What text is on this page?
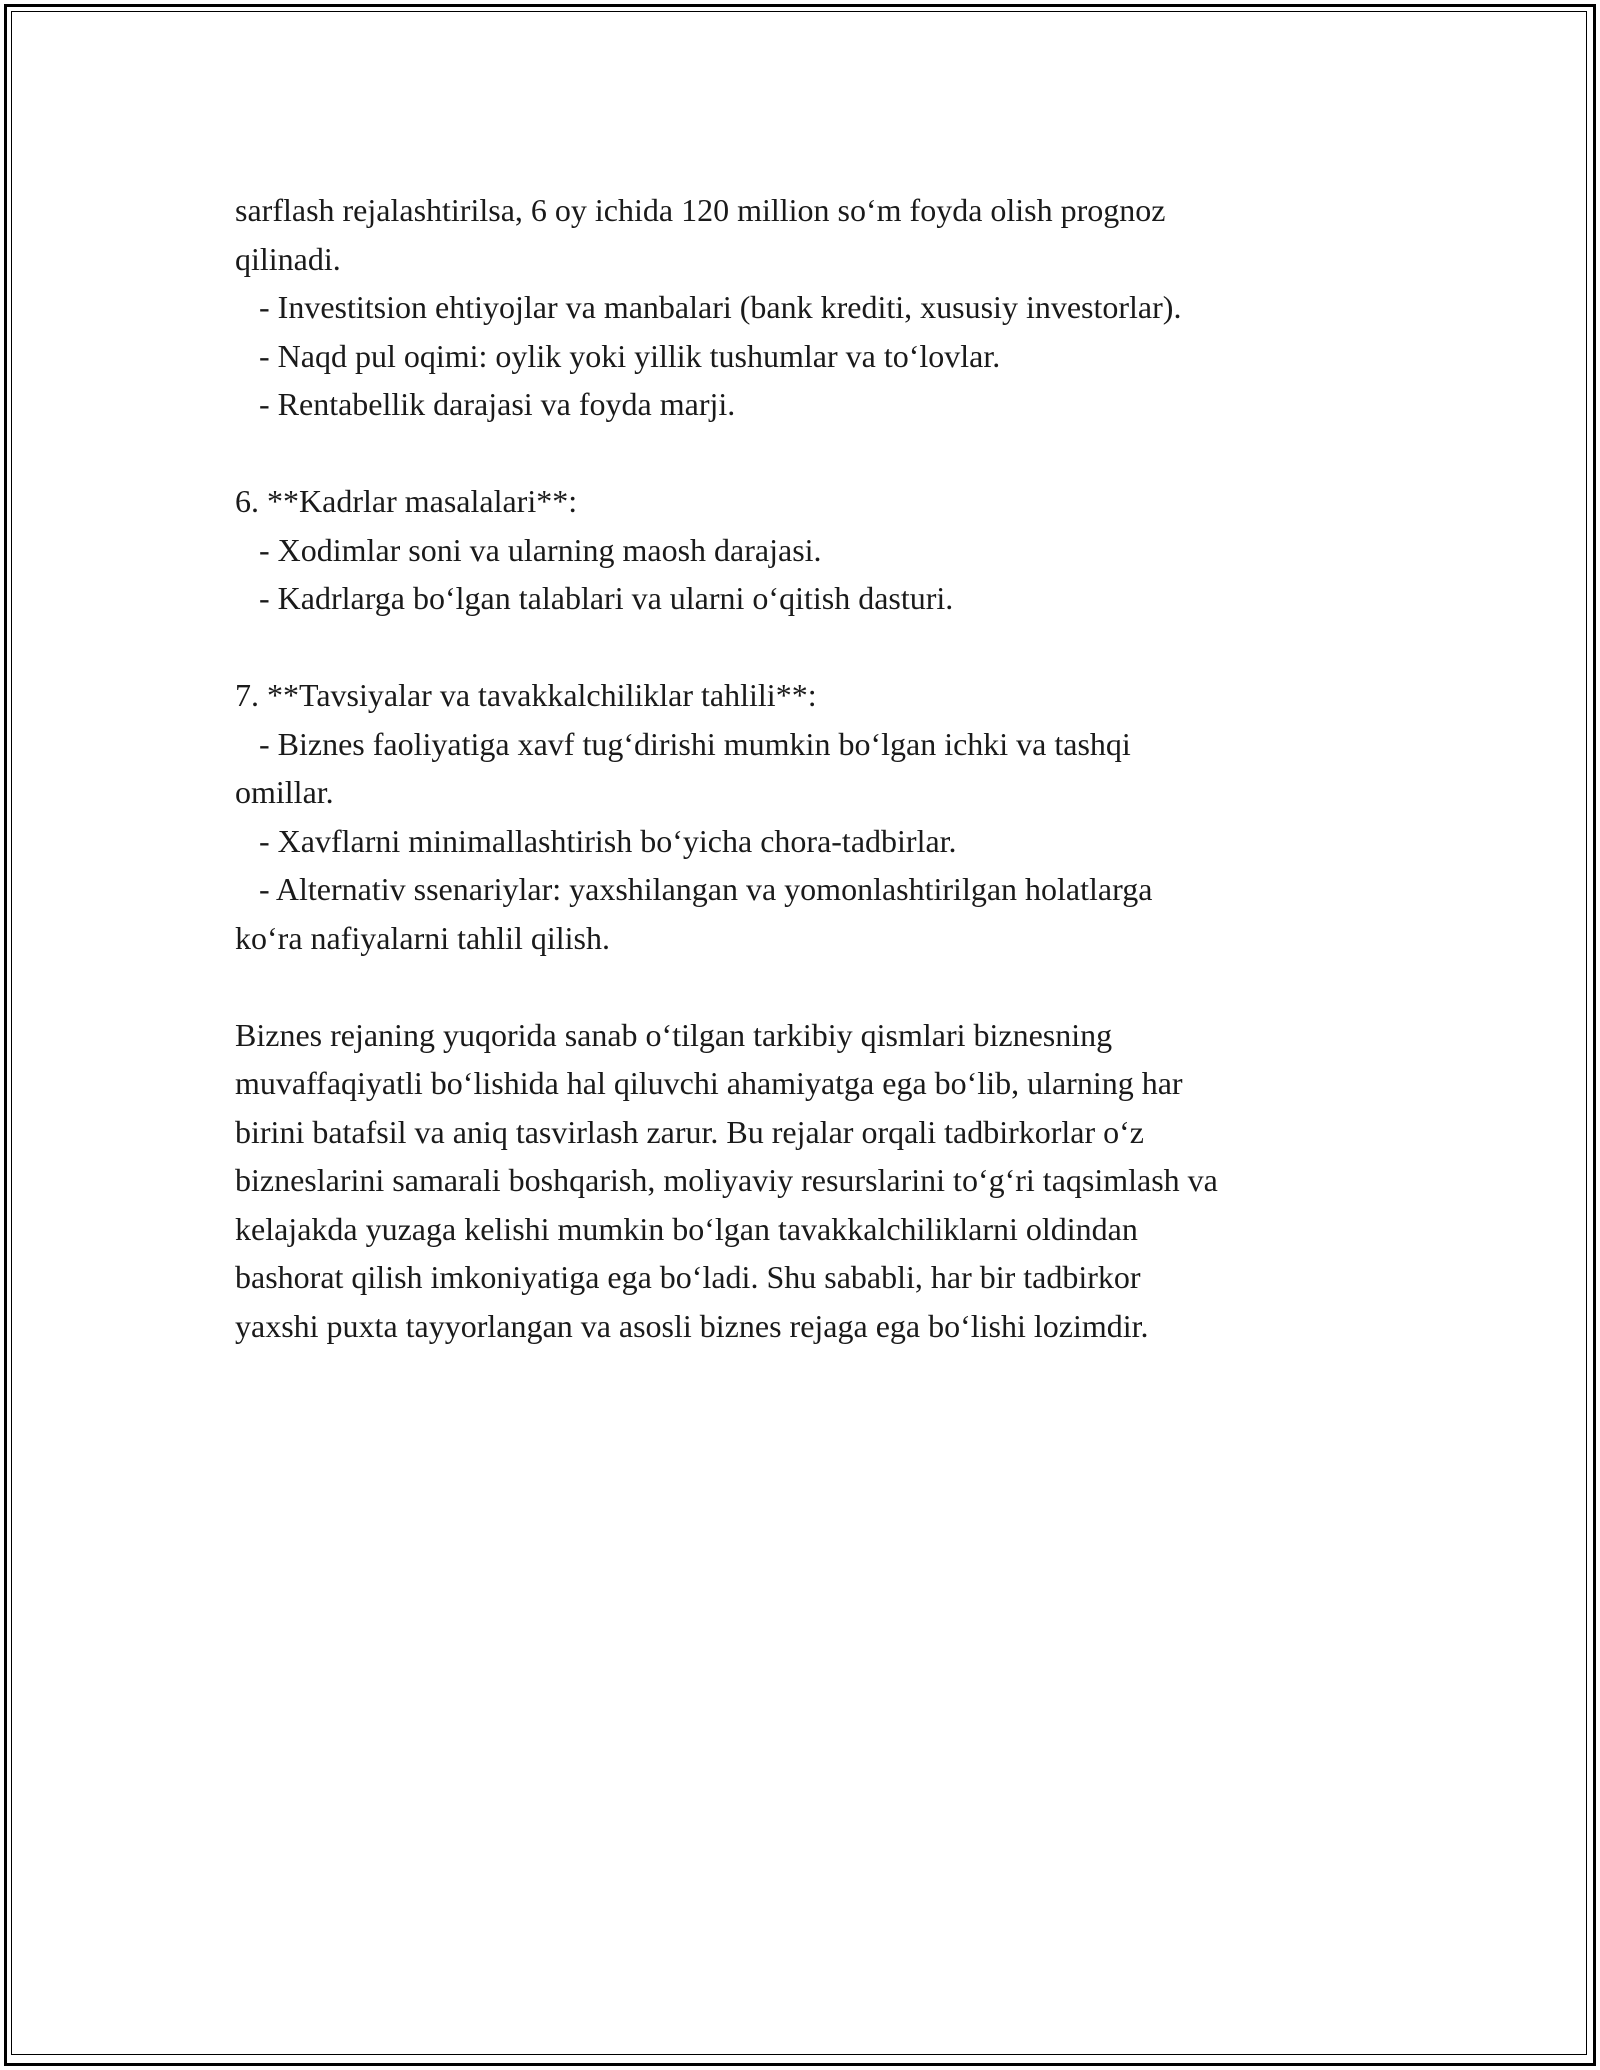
sarflash rejalashtirilsa, 6 oy ichida 120 million so‘m foyda olish prognoz
qilinadi.
- Investitsion ehtiyojlar va manbalari (bank krediti, xususiy investorlar).
- Naqd pul oqimi: oylik yoki yillik tushumlar va to‘lovlar.
- Rentabellik darajasi va foyda marji.
6. **Kadrlar masalalari**:
- Xodimlar soni va ularning maosh darajasi.
- Kadrlarga bo‘lgan talablari va ularni o‘qitish dasturi.
7. **Tavsiyalar va tavakkalchiliklar tahlili**:
- Biznes faoliyatiga xavf tug‘dirishi mumkin bo‘lgan ichki va tashqi
omillar.
- Xavflarni minimallashtirish bo‘yicha chora-tadbirlar.
- Alternativ ssenariylar: yaxshilangan va yomonlashtirilgan holatlarga
ko‘ra nafiyalarni tahlil qilish.
Biznes rejaning yuqorida sanab o‘tilgan tarkibiy qismlari biznesning
muvaffaqiyatli bo‘lishida hal qiluvchi ahamiyatga ega bo‘lib, ularning har
birini batafsil va aniq tasvirlash zarur. Bu rejalar orqali tadbirkorlar o‘z
bizneslarini samarali boshqarish, moliyaviy resurslarini to‘g‘ri taqsimlash va
kelajakda yuzaga kelishi mumkin bo‘lgan tavakkalchiliklarni oldindan
bashorat qilish imkoniyatiga ega bo‘ladi. Shu sababli, har bir tadbirkor
yaxshi puxta tayyorlangan va asosli biznes rejaga ega bo‘lishi lozimdir.
